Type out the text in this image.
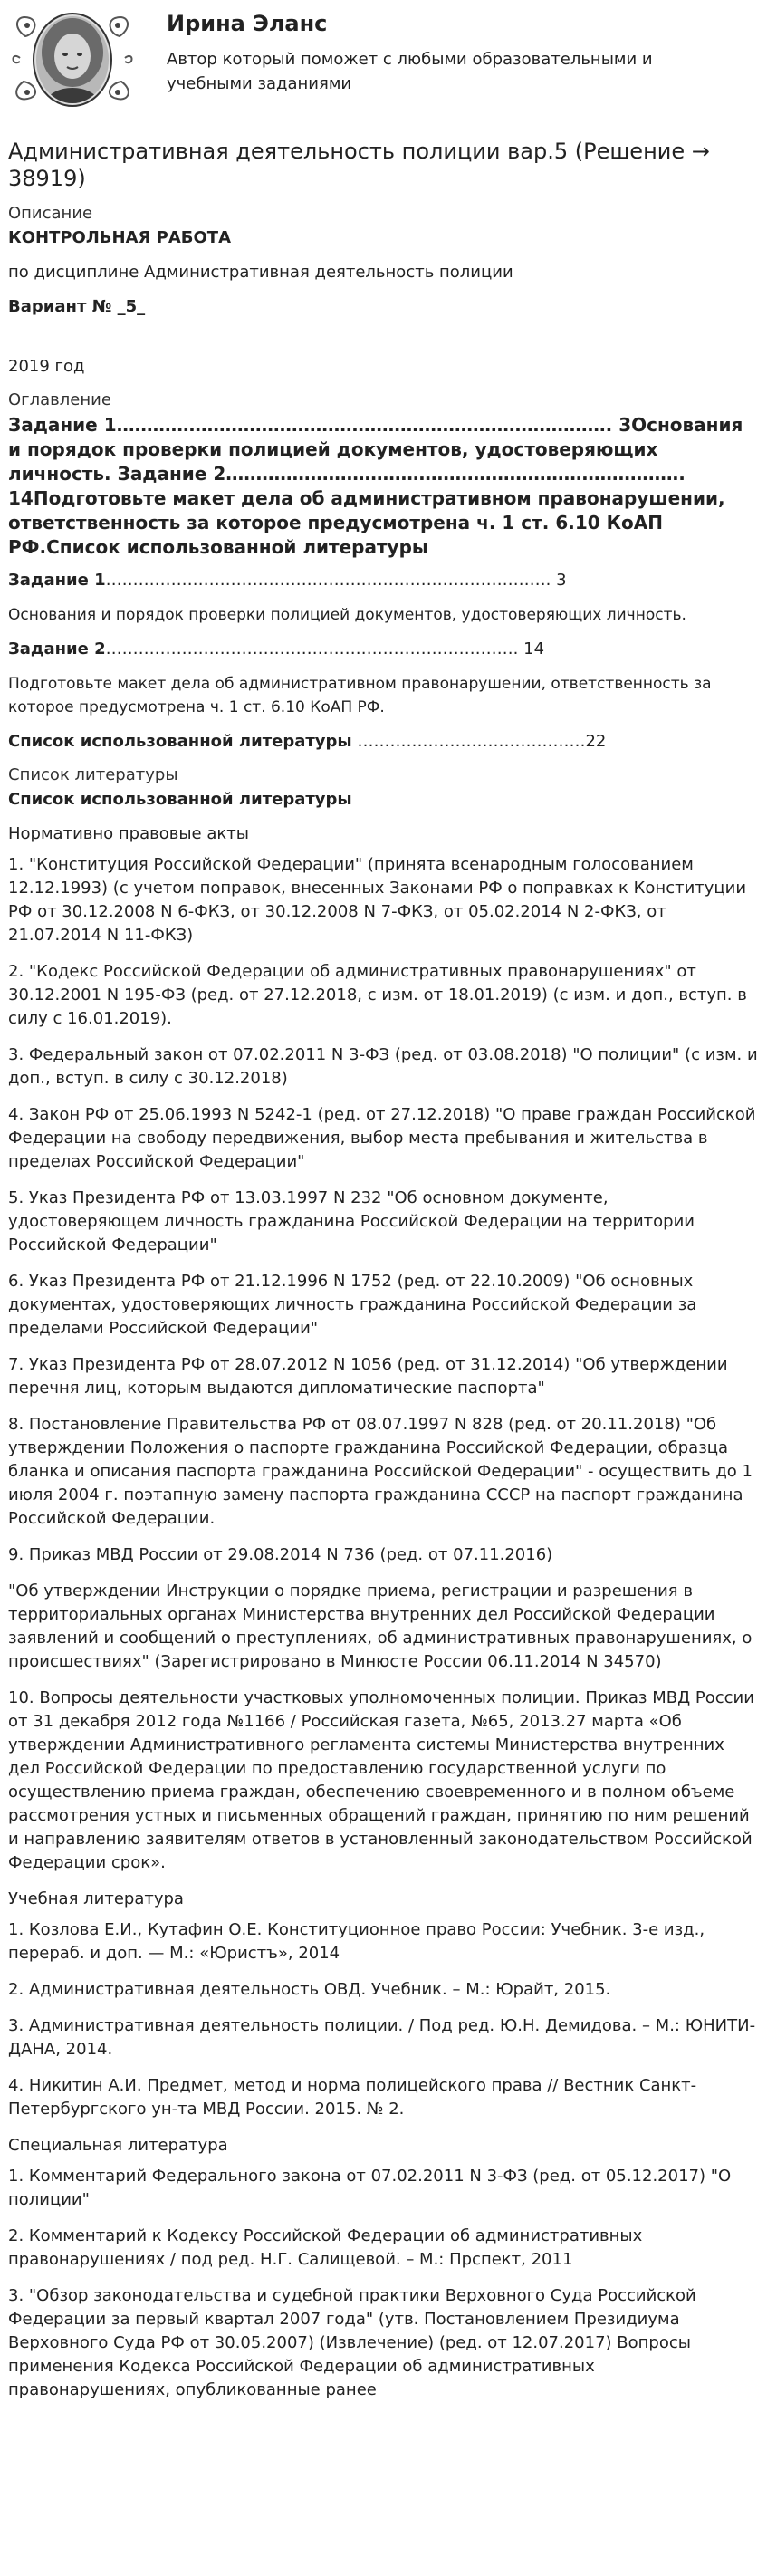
Ирина Эланс
Автор который поможет с любыми образовательными и учебными заданиями
Административная деятельность полиции вар.5 (Решение → 38919)
Описание
КОНТРОЛЬНАЯ РАБОТА
по дисциплине Административная деятельность полиции
Вариант № _5_
2019 год
Оглавление
Задание 1………………………………………………………………………. 3Основания и порядок проверки полицией документов, удостоверяющих личность. Задание 2…………………………………………………………………. 14Подготовьте макет дела об административном правонарушении, ответственность за которое предусмотрена ч. 1 ст. 6.10 КоАП РФ.Список использованной литературы
Задание 1………………………………………………………………………. 3
Основания и порядок проверки полицией документов, удостоверяющих личность.
Задание 2…………………………………………………………………. 14
Подготовьте макет дела об административном правонарушении, ответственность за которое предусмотрена ч. 1 ст. 6.10 КоАП РФ.
Список использованной литературы ……………………………………22
Список литературы
Список использованной литературы
Нормативно правовые акты
1. "Конституция Российской Федерации" (принята всенародным голосованием 12.12.1993) (с учетом поправок, внесенных Законами РФ о поправках к Конституции РФ от 30.12.2008 N 6-ФКЗ, от 30.12.2008 N 7-ФКЗ, от 05.02.2014 N 2-ФКЗ, от 21.07.2014 N 11-ФКЗ)
2. "Кодекс Российской Федерации об административных правонарушениях" от 30.12.2001 N 195-ФЗ (ред. от 27.12.2018, с изм. от 18.01.2019) (с изм. и доп., вступ. в силу с 16.01.2019).
3. Федеральный закон от 07.02.2011 N 3-ФЗ (ред. от 03.08.2018) "О полиции" (с изм. и доп., вступ. в силу с 30.12.2018)
4. Закон РФ от 25.06.1993 N 5242-1 (ред. от 27.12.2018) "О праве граждан Российской Федерации на свободу передвижения, выбор места пребывания и жительства в пределах Российской Федерации"
5. Указ Президента РФ от 13.03.1997 N 232 "Об основном документе, удостоверяющем личность гражданина Российской Федерации на территории Российской Федерации"
6. Указ Президента РФ от 21.12.1996 N 1752 (ред. от 22.10.2009) "Об основных документах, удостоверяющих личность гражданина Российской Федерации за пределами Российской Федерации"
7. Указ Президента РФ от 28.07.2012 N 1056 (ред. от 31.12.2014) "Об утверждении перечня лиц, которым выдаются дипломатические паспорта"
8. Постановление Правительства РФ от 08.07.1997 N 828 (ред. от 20.11.2018) "Об утверждении Положения о паспорте гражданина Российской Федерации, образца бланка и описания паспорта гражданина Российской Федерации" - осуществить до 1 июля 2004 г. поэтапную замену паспорта гражданина СССР на паспорт гражданина Российской Федерации.
9. Приказ МВД России от 29.08.2014 N 736 (ред. от 07.11.2016)
"Об утверждении Инструкции о порядке приема, регистрации и разрешения в территориальных органах Министерства внутренних дел Российской Федерации заявлений и сообщений о преступлениях, об административных правонарушениях, о происшествиях" (Зарегистрировано в Минюсте России 06.11.2014 N 34570)
10. Вопросы деятельности участковых уполномоченных полиции. Приказ МВД России от 31 декабря 2012 года №1166 / Российская газета, №65, 2013.27 марта «Об утверждении Административного регламента системы Министерства внутренних дел Российской Федерации по предоставлению государственной услуги по осуществлению приема граждан, обеспечению своевременного и в полном объеме рассмотрения устных и письменных обращений граждан, принятию по ним решений и направлению заявителям ответов в установленный законодательством Российской Федерации срок».
Учебная литература
1. Козлова Е.И., Кутафин О.Е. Конституционное право России: Учебник. 3-е изд., перераб. и доп. — М.: «Юристъ», 2014
2. Административная деятельность ОВД. Учебник. – М.: Юрайт, 2015.
3. Административная деятельность полиции. / Под ред. Ю.Н. Демидова. – М.: ЮНИТИ-ДАНА, 2014.
4. Никитин А.И. Предмет, метод и норма полицейского права // Вестник Санкт-Петербургского ун-та МВД России. 2015. № 2.
Специальная литература
1. Комментарий Федерального закона от 07.02.2011 N 3-ФЗ (ред. от 05.12.2017) "О полиции"
2. Комментарий к Кодексу Российской Федерации об административных правонарушениях / под ред. Н.Г. Салищевой. – М.: Прспект, 2011
3. "Обзор законодательства и судебной практики Верховного Суда Российской Федерации за первый квартал 2007 года" (утв. Постановлением Президиума Верховного Суда РФ от 30.05.2007) (Извлечение) (ред. от 12.07.2017) Вопросы применения Кодекса Российской Федерации об административных правонарушениях, опубликованные ранее
